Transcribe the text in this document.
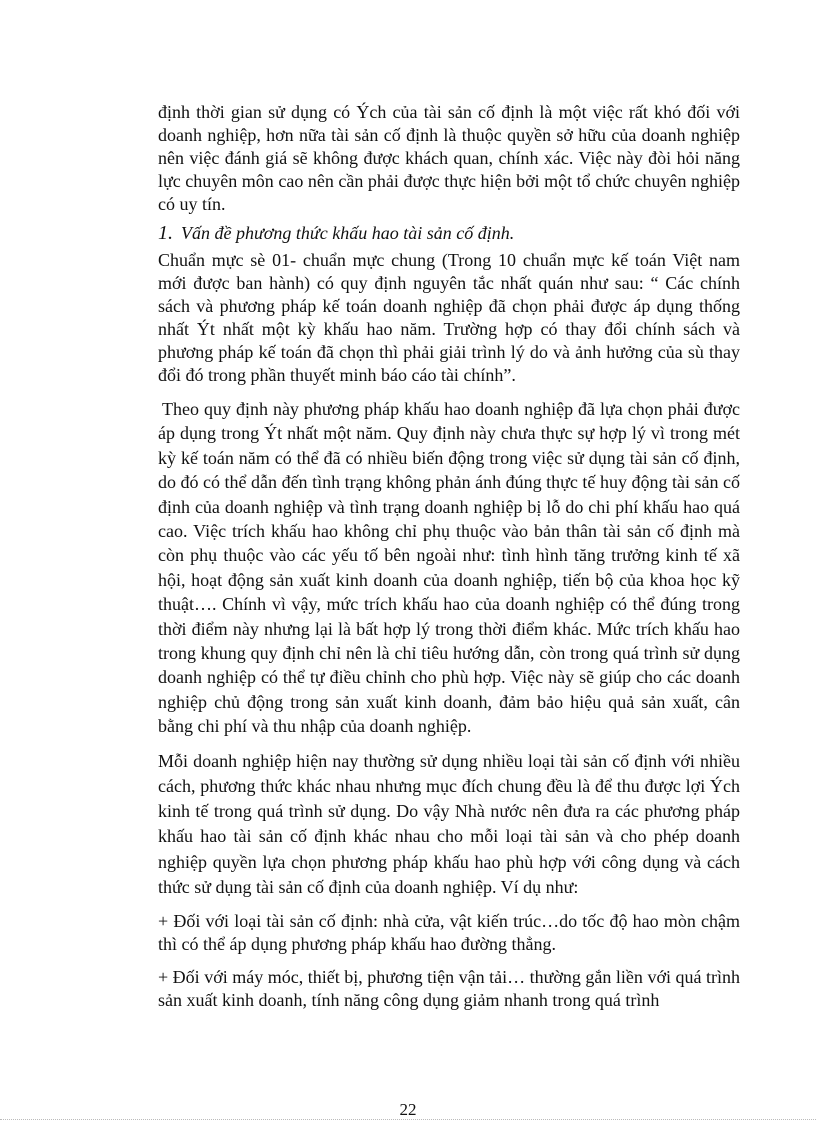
định thời gian sử dụng có Ých của tài sản cố định là một việc rất khó đối với doanh nghiệp, hơn nữa tài sản cố định là thuộc quyền sở hữu của doanh nghiệp nên việc đánh giá sẽ không được khách quan, chính xác. Việc này đòi hỏi năng lực chuyên môn cao nên cần phải được thực hiện bởi một tổ chức chuyên nghiệp có uy tín.

1. Vấn đề phương thức khấu hao tài sản cố định.

Chuẩn mực sè 01- chuẩn mực chung (Trong 10 chuẩn mực kế toán Việt nam mới được ban hành) có quy định nguyên tắc nhất quán như sau: “ Các chính sách và phương pháp kế toán doanh nghiệp đã chọn phải được áp dụng thống nhất Ýt nhất một kỳ khấu hao năm. Trường hợp có thay đổi chính sách và phương pháp kế toán đã chọn thì phải giải trình lý do và ảnh hưởng của sù thay đổi đó trong phần thuyết minh báo cáo tài chính”.

Theo quy định này phương pháp khấu hao doanh nghiệp đã lựa chọn phải được áp dụng trong Ýt nhất một năm. Quy định này chưa thực sự hợp lý vì trong mét kỳ kế toán năm có thể đã có nhiều biến động trong việc sử dụng tài sản cố định, do đó có thể dẫn đến tình trạng không phản ánh đúng thực tế huy động tài sản cố định của doanh nghiệp và tình trạng doanh nghiệp bị lỗ do chi phí khấu hao quá cao. Việc trích khấu hao không chỉ phụ thuộc vào bản thân tài sản cố định mà còn phụ thuộc vào các yếu tố bên ngoài như: tình hình tăng trưởng kinh tế xã hội, hoạt động sản xuất kinh doanh của doanh nghiệp, tiến bộ của khoa học kỹ thuật…. Chính vì vậy, mức trích khấu hao của doanh nghiệp có thể đúng trong thời điểm này nhưng lại là bất hợp lý trong thời điểm khác. Mức trích khấu hao trong khung quy định chỉ nên là chỉ tiêu hướng dẫn, còn trong quá trình sử dụng doanh nghiệp có thể tự điều chỉnh cho phù hợp. Việc này sẽ giúp cho các doanh nghiệp chủ động trong sản xuất kinh doanh, đảm bảo hiệu quả sản xuất, cân bằng chi phí và thu nhập của doanh nghiệp.

Mỗi doanh nghiệp hiện nay thường sử dụng nhiều loại tài sản cố định với nhiều cách, phương thức khác nhau nhưng mục đích chung đều là để thu được lợi Ých kinh tế trong quá trình sử dụng. Do vậy Nhà nước nên đưa ra các phương pháp khấu hao tài sản cố định khác nhau cho mỗi loại tài sản và cho phép doanh nghiệp quyền lựa chọn phương pháp khấu hao phù hợp với công dụng và cách thức sử dụng tài sản cố định của doanh nghiệp. Ví dụ như:

+ Đối với loại tài sản cố định: nhà cửa, vật kiến trúc…do tốc độ hao mòn chậm thì có thể áp dụng phương pháp khấu hao đường thẳng.

+ Đối với máy móc, thiết bị, phương tiện vận tải… thường gắn liền với quá trình sản xuất kinh doanh, tính năng công dụng giảm nhanh trong quá trình

22
